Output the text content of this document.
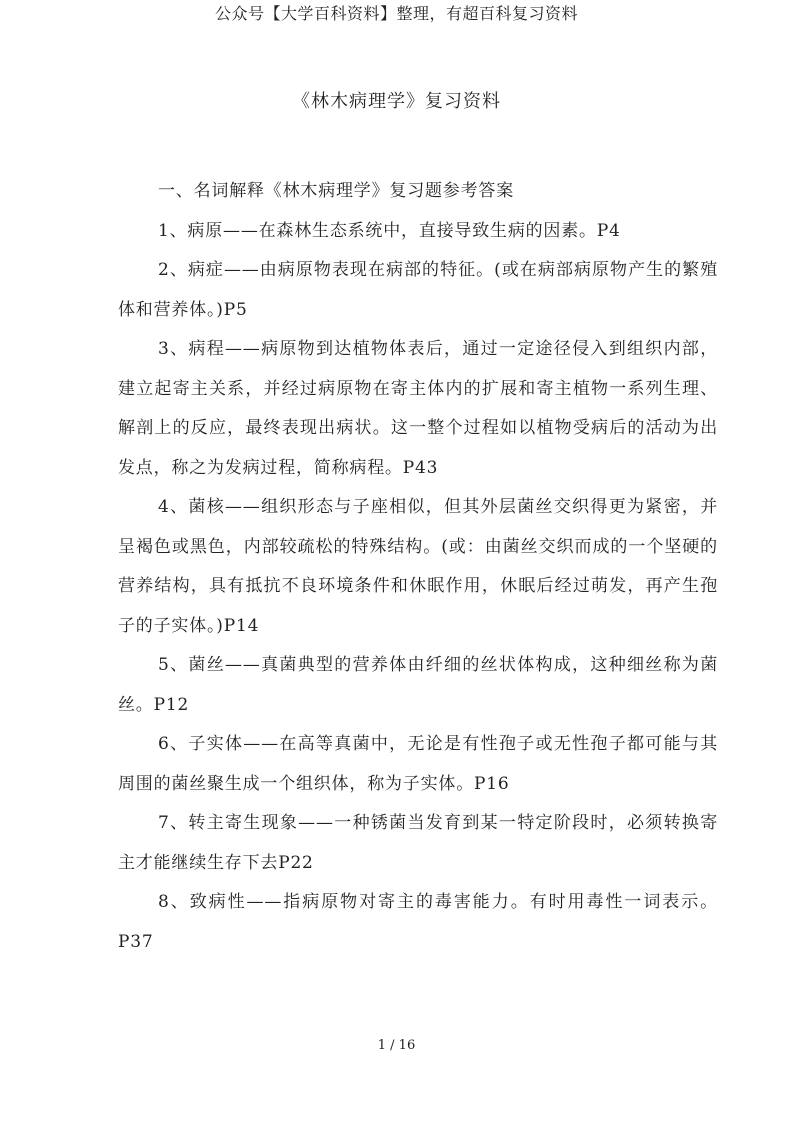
公众号【大学百科资料】整理，有超百科复习资料
《林木病理学》复习资料

一、名词解释《林木病理学》复习题参考答案

1、病原——在森林生态系统中，直接导致生病的因素。P4

2、病症——由病原物表现在病部的特征。(或在病部病原物产生的繁殖体和营养体。)P5

3、病程——病原物到达植物体表后，通过一定途径侵入到组织内部，建立起寄主关系，并经过病原物在寄主体内的扩展和寄主植物一系列生理、解剖上的反应，最终表现出病状。这一整个过程如以植物受病后的活动为出发点，称之为发病过程，简称病程。P43

4、菌核——组织形态与子座相似，但其外层菌丝交织得更为紧密，并呈褐色或黑色，内部较疏松的特殊结构。(或：由菌丝交织而成的一个坚硬的营养结构，具有抵抗不良环境条件和休眠作用，休眠后经过萌发，再产生孢子的子实体。)P14

5、菌丝——真菌典型的营养体由纤细的丝状体构成，这种细丝称为菌丝。P12

6、子实体——在高等真菌中，无论是有性孢子或无性孢子都可能与其周围的菌丝聚生成一个组织体，称为子实体。P16

7、转主寄生现象——一种锈菌当发育到某一特定阶段时，必须转换寄主才能继续生存下去P22

8、致病性——指病原物对寄主的毒害能力。有时用毒性一词表示。P37

1 / 16
